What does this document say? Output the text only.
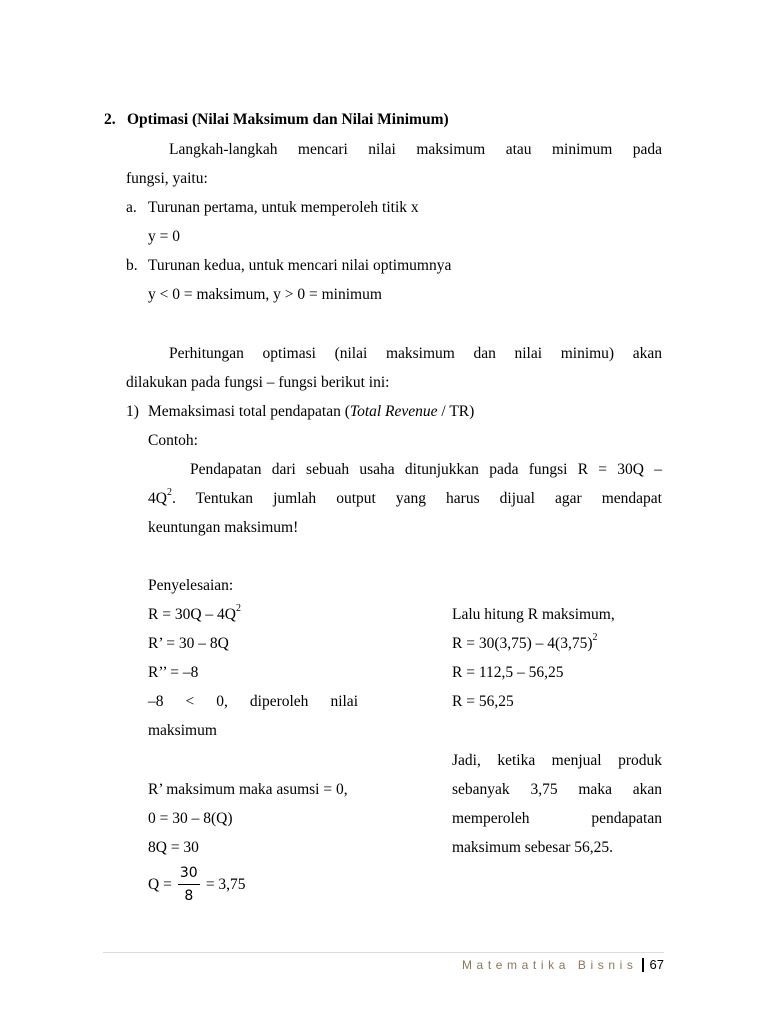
2. Optimasi (Nilai Maksimum dan Nilai Minimum)
Langkah-langkah mencari nilai maksimum atau minimum pada
fungsi, yaitu:
a. Turunan pertama, untuk memperoleh titik x
y = 0
b. Turunan kedua, untuk mencari nilai optimumnya
y < 0 = maksimum, y > 0 = minimum
Perhitungan optimasi (nilai maksimum dan nilai minimu) akan
dilakukan pada fungsi – fungsi berikut ini:
1) Memaksimasi total pendapatan (Total Revenue / TR)
Contoh:
Pendapatan dari sebuah usaha ditunjukkan pada fungsi R = 30Q –
$4Q^2$. Tentukan jumlah output yang harus dijual agar mendapat
keuntungan maksimum!
Penyelesaian:
$R = 30Q - 4Q^2$
R’ = 30 – 8Q
R’’ = –8
–8 < 0, diperoleh nilai
maksimum
R’ maksimum maka asumsi = 0,
0 = 30 – 8(Q)
8Q = 30
Q =
30
8
= 3,75
Lalu hitung R maksimum,
$R = 30(3,75) - 4(3,75)^2$
R = 112,5 – 56,25
R = 56,25
Jadi, ketika menjual produk
sebanyak 3,75 maka akan
memperoleh pendapatan
maksimum sebesar 56,25.
Matematika Bisnis 67
